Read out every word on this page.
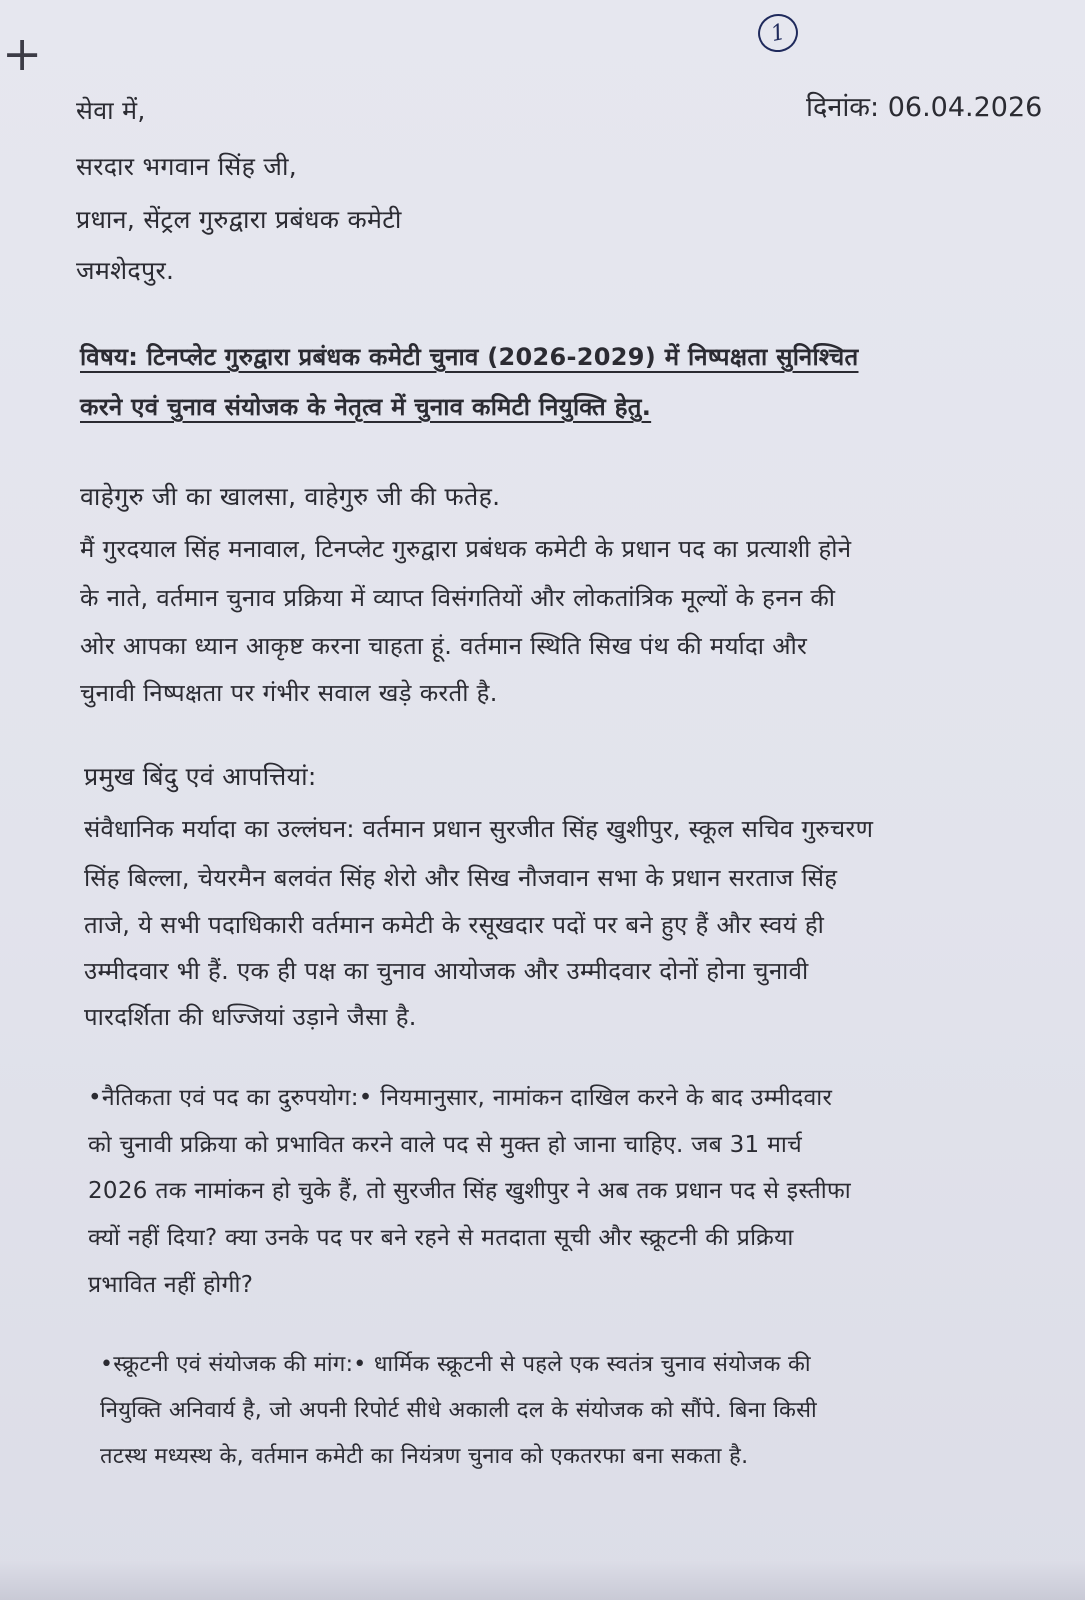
+	1
दिनांक: 06.04.2026
सेवा में,
सरदार भगवान सिंह जी,
प्रधान, सेंट्रल गुरुद्वारा प्रबंधक कमेटी
जमशेदपुर.
विषय: टिनप्लेट गुरुद्वारा प्रबंधक कमेटी चुनाव (2026-2029) में निष्पक्षता सुनिश्चित
करने एवं चुनाव संयोजक के नेतृत्व में चुनाव कमिटी नियुक्ति हेतु.
वाहेगुरु जी का खालसा, वाहेगुरु जी की फतेह.
मैं गुरदयाल सिंह मनावाल, टिनप्लेट गुरुद्वारा प्रबंधक कमेटी के प्रधान पद का प्रत्याशी होने
के नाते, वर्तमान चुनाव प्रक्रिया में व्याप्त विसंगतियों और लोकतांत्रिक मूल्यों के हनन की
ओर आपका ध्यान आकृष्ट करना चाहता हूं. वर्तमान स्थिति सिख पंथ की मर्यादा और
चुनावी निष्पक्षता पर गंभीर सवाल खड़े करती है.
प्रमुख बिंदु एवं आपत्तियां:
संवैधानिक मर्यादा का उल्लंघन: वर्तमान प्रधान सुरजीत सिंह खुशीपुर, स्कूल सचिव गुरुचरण
सिंह बिल्ला, चेयरमैन बलवंत सिंह शेरो और सिख नौजवान सभा के प्रधान सरताज सिंह
ताजे, ये सभी पदाधिकारी वर्तमान कमेटी के रसूखदार पदों पर बने हुए हैं और स्वयं ही
उम्मीदवार भी हैं. एक ही पक्ष का चुनाव आयोजक और उम्मीदवार दोनों होना चुनावी
पारदर्शिता की धज्जियां उड़ाने जैसा है.
•नैतिकता एवं पद का दुरुपयोग:• नियमानुसार, नामांकन दाखिल करने के बाद उम्मीदवार
को चुनावी प्रक्रिया को प्रभावित करने वाले पद से मुक्त हो जाना चाहिए. जब 31 मार्च
2026 तक नामांकन हो चुके हैं, तो सुरजीत सिंह खुशीपुर ने अब तक प्रधान पद से इस्तीफा
क्यों नहीं दिया? क्या उनके पद पर बने रहने से मतदाता सूची और स्क्रूटनी की प्रक्रिया
प्रभावित नहीं होगी?
•स्क्रूटनी एवं संयोजक की मांग:• धार्मिक स्क्रूटनी से पहले एक स्वतंत्र चुनाव संयोजक की
नियुक्ति अनिवार्य है, जो अपनी रिपोर्ट सीधे अकाली दल के संयोजक को सौंपे. बिना किसी
तटस्थ मध्यस्थ के, वर्तमान कमेटी का नियंत्रण चुनाव को एकतरफा बना सकता है.
